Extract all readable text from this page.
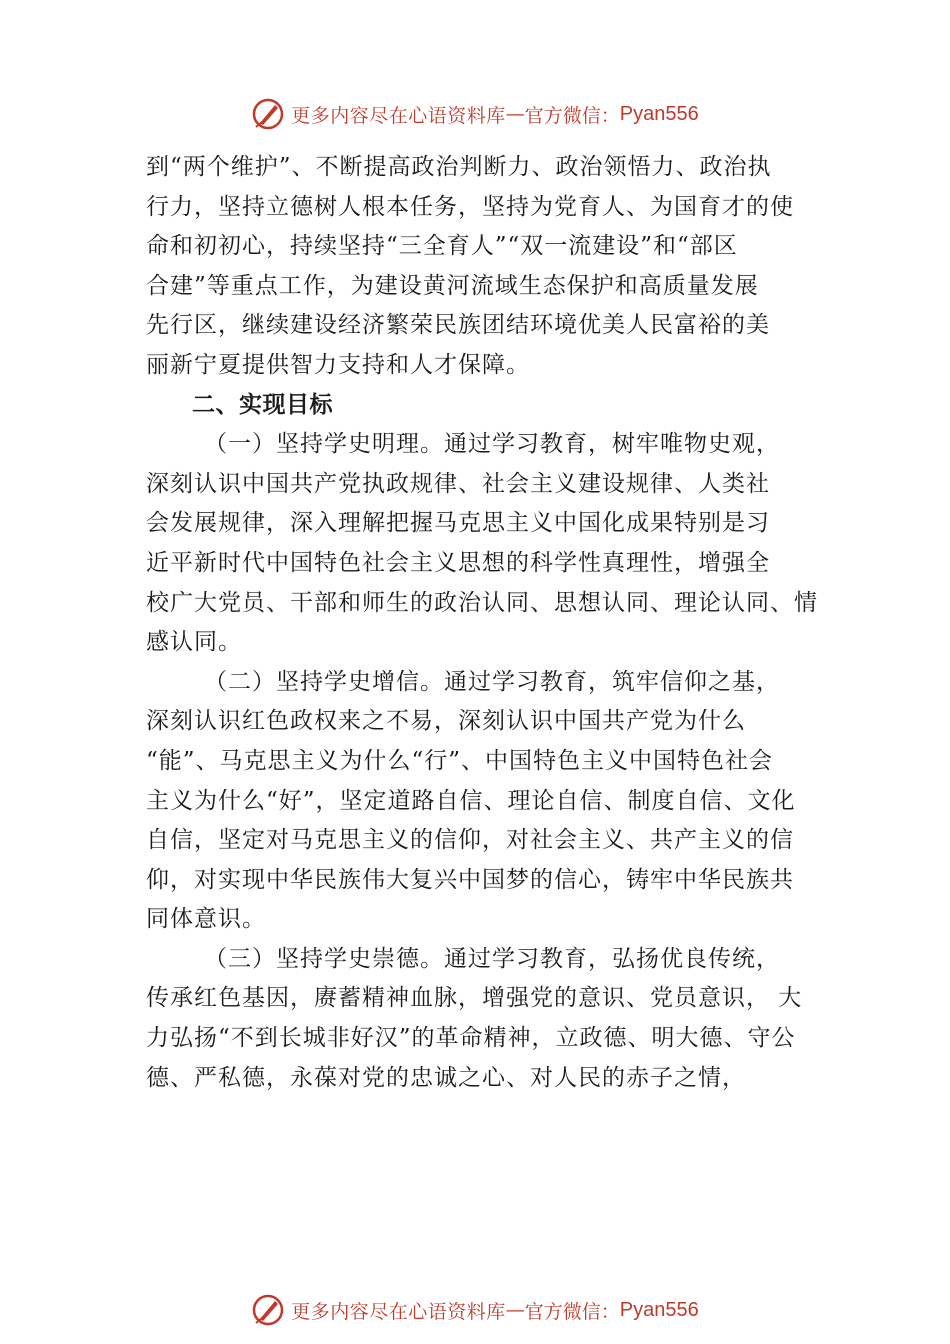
更多内容尽在心语资料库 — 官方微信： Pyan556

到“两个维护”、不断提高政治判断力、政治领悟力、政治执

行力，坚持立德树人根本任务，坚持为党育人、为国育才的使

命和初初心，持续坚持“三全育人”“双一流建设”和“部区

合建”等重点工作，为建设黄河流域生态保护和高质量发展

先行区，继续建设经济繁荣民族团结环境优美人民富裕的美

丽新宁夏提供智力支持和人才保障。

二、实现目标

（一）坚持学史明理。通过学习教育，树牢唯物史观，

深刻认识中国共产党执政规律、社会主义建设规律、人类社

会发展规律，深入理解把握马克思主义中国化成果特别是习

近平新时代中国特色社会主义思想的科学性真理性，增强全

校广大党员、干部和师生的政治认同、思想认同、理论认同、情

感认同。

（二）坚持学史增信。通过学习教育，筑牢信仰之基，

深刻认识红色政权来之不易，深刻认识中国共产党为什么

“能”、马克思主义为什么“行”、中国特色主义中国特色社会

主义为什么“好”，坚定道路自信、理论自信、制度自信、文化

自信，坚定对马克思主义的信仰，对社会主义、共产主义的信

仰，对实现中华民族伟大复兴中国梦的信心，铸牢中华民族共

同体意识。

（三）坚持学史崇德。通过学习教育，弘扬优良传统，

传承红色基因，赓蓄精神血脉，增强党的意识、党员意识， 大

力弘扬“不到长城非好汉”的革命精神，立政德、明大德、守公

德、严私德，永葆对党的忠诚之心、对人民的赤子之情，

更多内容尽在心语资料库 — 官方微信： Pyan556
